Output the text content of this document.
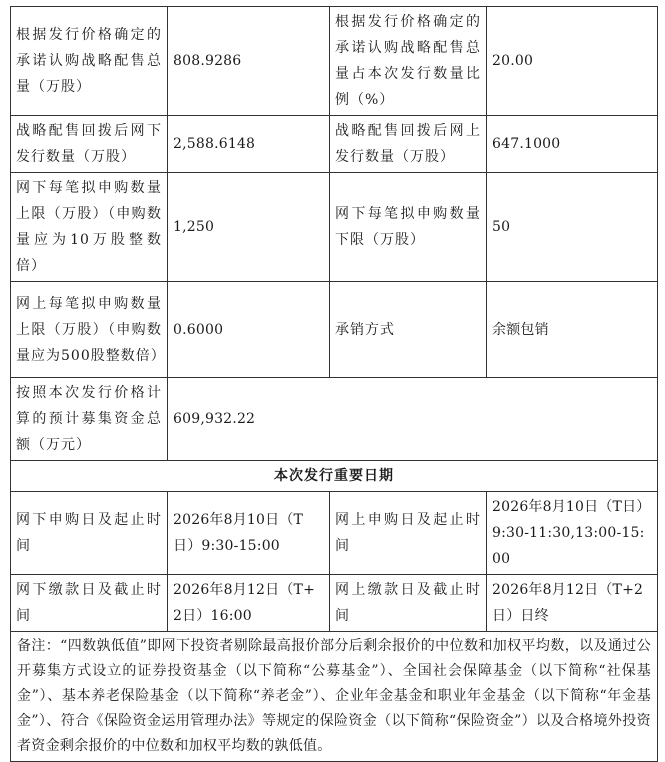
根据发行价格确定的承诺认购战略配售总量（万股）	808.9286	根据发行价格确定的承诺认购战略配售总量占本次发行数量比例（%）	20.00
战略配售回拨后网下发行数量（万股）	2,588.6148	战略配售回拨后网上发行数量（万股）	647.1000
网下每笔拟申购数量上限（万股）（申购数量应为10万股整数倍）	1,250	网下每笔拟申购数量下限（万股）	50
网上每笔拟申购数量上限（万股）（申购数量应为500股整数倍）	0.6000	承销方式	余额包销
按照本次发行价格计算的预计募集资金总额（万元）	609,932.22		
本次发行重要日期			
网下申购日及起止时间	2026年8月10日（T日）9:30-15:00	网上申购日及起止时间	2026年8月10日（T日）9:30-11:30,13:00-15:00
网下缴款日及截止时间	2026年8月12日（T+2日）16:00	网上缴款日及截止时间	2026年8月12日（T+2日）日终
备注：“四数孰低值”即网下投资者剔除最高报价部分后剩余报价的中位数和加权平均数，以及通过公开募集方式设立的证券投资基金（以下简称“公募基金”）、全国社会保障基金（以下简称“社保基金”）、基本养老保险基金（以下简称“养老金”）、企业年金基金和职业年金基金（以下简称“年金基金”）、符合《保险资金运用管理办法》等规定的保险资金（以下简称“保险资金”）以及合格境外投资者资金剩余报价的中位数和加权平均数的孰低值。			
